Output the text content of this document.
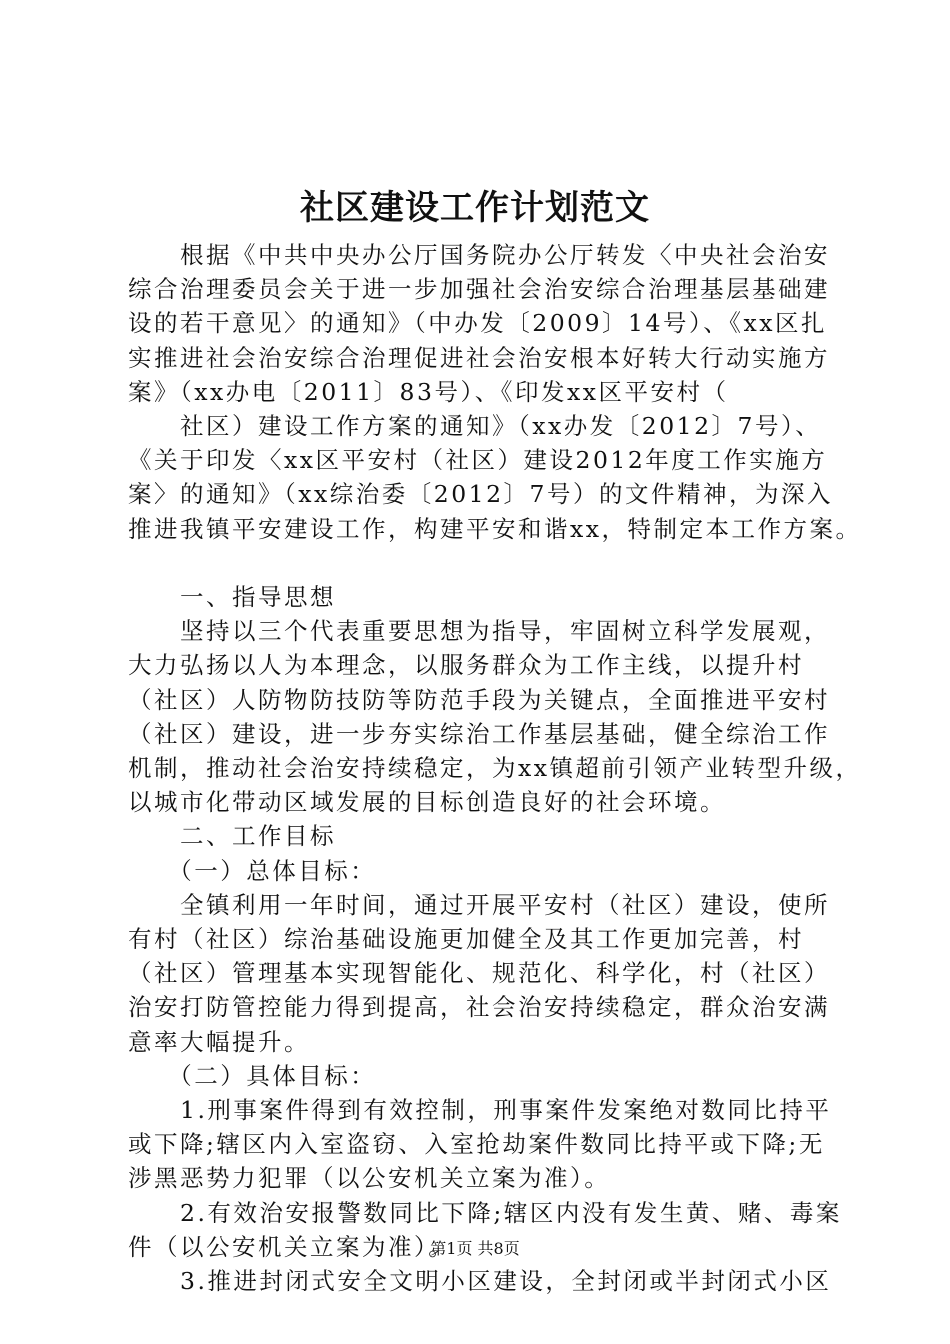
社区建设工作计划范文
　　根据《中共中央办公厅国务院办公厅转发〈中央社会治安
综合治理委员会关于进一步加强社会治安综合治理基层基础建
设的若干意见〉的通知》（中办发〔2009〕14号）、《xx区扎
实推进社会治安综合治理促进社会治安根本好转大行动实施方
案》（xx办电〔2011〕83号）、《印发xx区平安村（
　　社区）建设工作方案的通知》（xx办发〔2012〕7号）、
《关于印发〈xx区平安村（社区）建设2012年度工作实施方
案〉的通知》（xx综治委〔2012〕7号）的文件精神，为深入
推进我镇平安建设工作，构建平安和谐xx，特制定本工作方案。
　　一、指导思想
　　坚持以三个代表重要思想为指导，牢固树立科学发展观，
大力弘扬以人为本理念，以服务群众为工作主线，以提升村
（社区）人防物防技防等防范手段为关键点，全面推进平安村
（社区）建设，进一步夯实综治工作基层基础，健全综治工作
机制，推动社会治安持续稳定，为xx镇超前引领产业转型升级，
以城市化带动区域发展的目标创造良好的社会环境。
　　二、工作目标
　　（一）总体目标：
　　全镇利用一年时间，通过开展平安村（社区）建设，使所
有村（社区）综治基础设施更加健全及其工作更加完善，村
（社区）管理基本实现智能化、规范化、科学化，村（社区）
治安打防管控能力得到提高，社会治安持续稳定，群众治安满
意率大幅提升。
　　（二）具体目标：
　　1.刑事案件得到有效控制，刑事案件发案绝对数同比持平
或下降;辖区内入室盗窃、入室抢劫案件数同比持平或下降;无
涉黑恶势力犯罪（以公安机关立案为准）。
　　2.有效治安报警数同比下降;辖区内没有发生黄、赌、毒案
件（以公安机关立案为准）。
　　3.推进封闭式安全文明小区建设，全封闭或半封闭式小区
第1页 共8页
